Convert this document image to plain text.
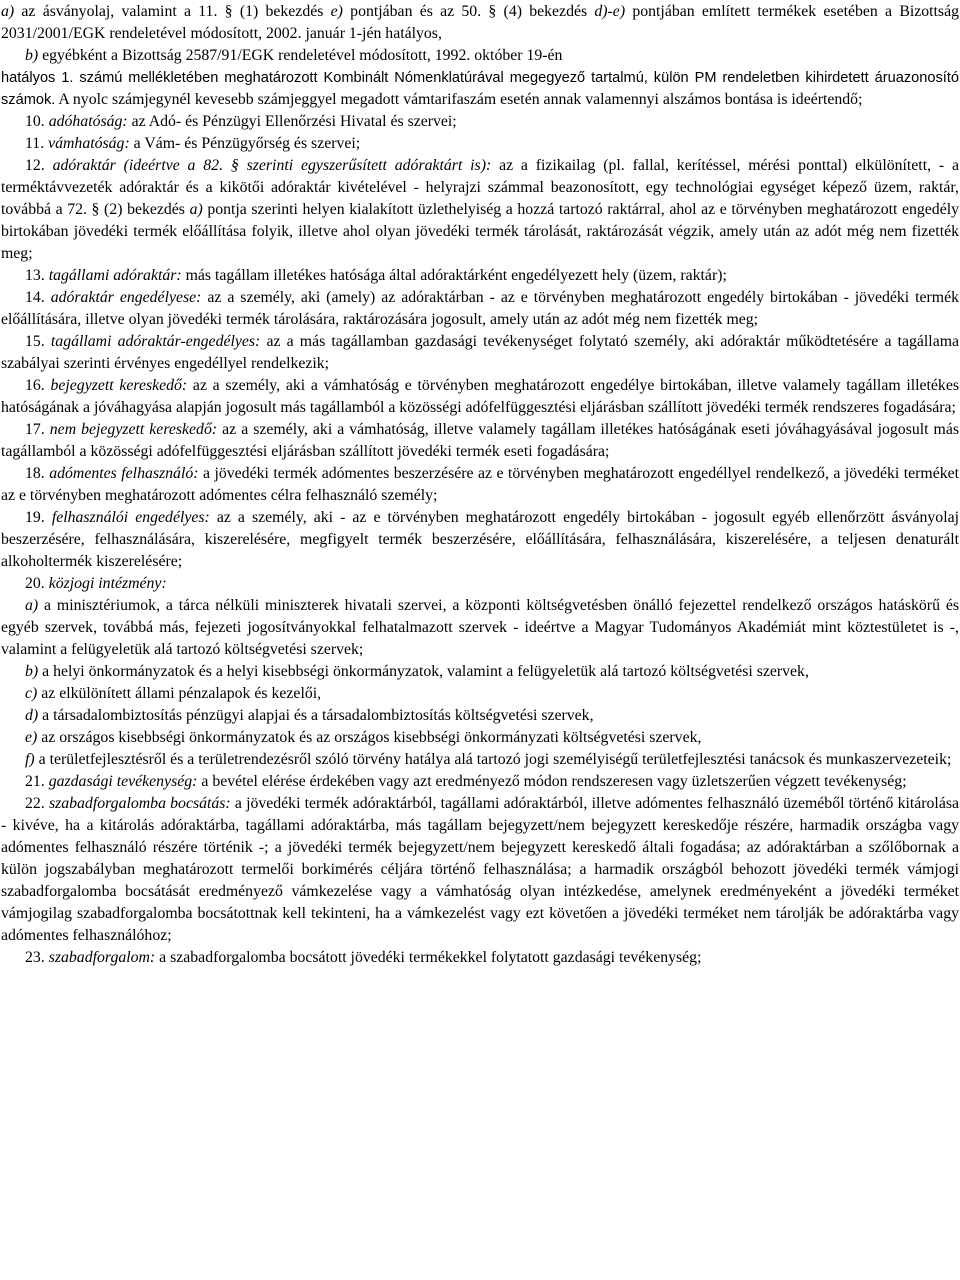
a) az ásványolaj, valamint a 11. § (1) bekezdés e) pontjában és az 50. § (4) bekezdés d)-e) pontjában említett termékek esetében a Bizottság 2031/2001/EGK rendeletével módosított, 2002. január 1-jén hatályos,

b) egyébként a Bizottság 2587/91/EGK rendeletével módosított, 1992. október 19-én

hatályos 1. számú mellékletében meghatározott Kombinált Nómenklatúrával megegyező tartalmú, külön PM rendeletben kihirdetett áruazonosító számok. A nyolc számjegynél kevesebb számjeggyel megadott vámtarifaszám esetén annak valamennyi alszámos bontása is ideértendő;

10. adóhatóság: az Adó- és Pénzügyi Ellenőrzési Hivatal és szervei;

11. vámhatóság: a Vám- és Pénzügyőrség és szervei;

12. adóraktár (ideértve a 82. § szerinti egyszerűsített adóraktárt is): az a fizikailag (pl. fallal, kerítéssel, mérési ponttal) elkülönített, - a terméktávvezeték adóraktár és a kikötői adóraktár kivételével - helyrajzi számmal beazonosított, egy technológiai egységet képező üzem, raktár, továbbá a 72. § (2) bekezdés a) pontja szerinti helyen kialakított üzlethelyiség a hozzá tartozó raktárral, ahol az e törvényben meghatározott engedély birtokában jövedéki termék előállítása folyik, illetve ahol olyan jövedéki termék tárolását, raktározását végzik, amely után az adót még nem fizették meg;

13. tagállami adóraktár: más tagállam illetékes hatósága által adóraktárként engedélyezett hely (üzem, raktár);

14. adóraktár engedélyese: az a személy, aki (amely) az adóraktárban - az e törvényben meghatározott engedély birtokában - jövedéki termék előállítására, illetve olyan jövedéki termék tárolására, raktározására jogosult, amely után az adót még nem fizették meg;

15. tagállami adóraktár-engedélyes: az a más tagállamban gazdasági tevékenységet folytató személy, aki adóraktár működtetésére a tagállama szabályai szerinti érvényes engedéllyel rendelkezik;

16. bejegyzett kereskedő: az a személy, aki a vámhatóság e törvényben meghatározott engedélye birtokában, illetve valamely tagállam illetékes hatóságának a jóváhagyása alapján jogosult más tagállamból a közösségi adófelfüggesztési eljárásban szállított jövedéki termék rendszeres fogadására;

17. nem bejegyzett kereskedő: az a személy, aki a vámhatóság, illetve valamely tagállam illetékes hatóságának eseti jóváhagyásával jogosult más tagállamból a közösségi adófelfüggesztési eljárásban szállított jövedéki termék eseti fogadására;

18. adómentes felhasználó: a jövedéki termék adómentes beszerzésére az e törvényben meghatározott engedéllyel rendelkező, a jövedéki terméket az e törvényben meghatározott adómentes célra felhasználó személy;

19. felhasználói engedélyes: az a személy, aki - az e törvényben meghatározott engedély birtokában - jogosult egyéb ellenőrzött ásványolaj beszerzésére, felhasználására, kiszerelésére, megfigyelt termék beszerzésére, előállítására, felhasználására, kiszerelésére, a teljesen denaturált alkoholtermék kiszerelésére;

20. közjogi intézmény:

a) a minisztériumok, a tárca nélküli miniszterek hivatali szervei, a központi költségvetésben önálló fejezettel rendelkező országos hatáskörű és egyéb szervek, továbbá más, fejezeti jogosítványokkal felhatalmazott szervek - ideértve a Magyar Tudományos Akadémiát mint köztestületet is -, valamint a felügyeletük alá tartozó költségvetési szervek;

b) a helyi önkormányzatok és a helyi kisebbségi önkormányzatok, valamint a felügyeletük alá tartozó költségvetési szervek,

c) az elkülönített állami pénzalapok és kezelői,

d) a társadalombiztosítás pénzügyi alapjai és a társadalombiztosítás költségvetési szervek,

e) az országos kisebbségi önkormányzatok és az országos kisebbségi önkormányzati költségvetési szervek,

f) a területfejlesztésről és a területrendezésről szóló törvény hatálya alá tartozó jogi személyiségű területfejlesztési tanácsok és munkaszervezeteik;

21. gazdasági tevékenység: a bevétel elérése érdekében vagy azt eredményező módon rendszeresen vagy üzletszerűen végzett tevékenység;

22. szabadforgalomba bocsátás: a jövedéki termék adóraktárból, tagállami adóraktárból, illetve adómentes felhasználó üzeméből történő kitárolása - kivéve, ha a kitárolás adóraktárba, tagállami adóraktárba, más tagállam bejegyzett/nem bejegyzett kereskedője részére, harmadik országba vagy adómentes felhasználó részére történik -; a jövedéki termék bejegyzett/nem bejegyzett kereskedő általi fogadása; az adóraktárban a szőlőbornak a külön jogszabályban meghatározott termelői borkimérés céljára történő felhasználása; a harmadik országból behozott jövedéki termék vámjogi szabadforgalomba bocsátását eredményező vámkezelése vagy a vámhatóság olyan intézkedése, amelynek eredményeként a jövedéki terméket vámjogilag szabadforgalomba bocsátottnak kell tekinteni, ha a vámkezelést vagy ezt követően a jövedéki terméket nem tárolják be adóraktárba vagy adómentes felhasználóhoz;

23. szabadforgalom: a szabadforgalomba bocsátott jövedéki termékekkel folytatott gazdasági tevékenység;
